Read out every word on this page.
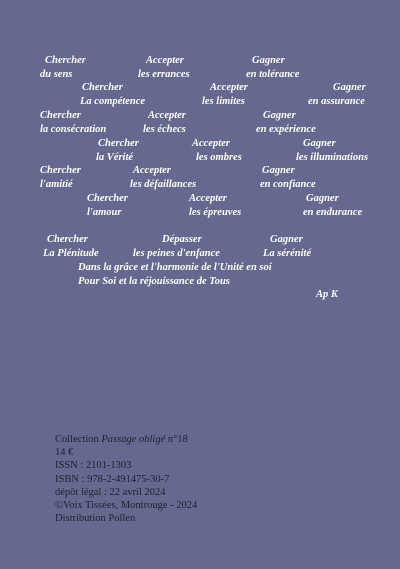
Chercher	Accepter	Gagner
du sens	les errances	en tolérance
Chercher	Accepter	Gagner
La compétence	les limites	en assurance
Chercher	Accepter	Gagner
la consécration	les échecs	en expérience
Chercher	Accepter	Gagner
la Vérité	les ombres	les illuminations
Chercher	Accepter	Gagner
l'amitié	les défaillances	en confiance
Chercher	Accepter	Gagner
l'amour	les épreuves	en endurance
Chercher	Dépasser	Gagner
La Plénitude	les peines d'enfance	La sérénité
Dans la grâce et l'harmonie de l'Unité en soi
Pour Soi et la réjouissance de Tous
Ap K
Collection Passage obligé n°18
14 €
ISSN : 2101-1303
ISBN : 978-2-491475-30-7
dépôt légal : 22 avril 2024
©Voix Tissées, Montrouge - 2024
Distribution Pollen
